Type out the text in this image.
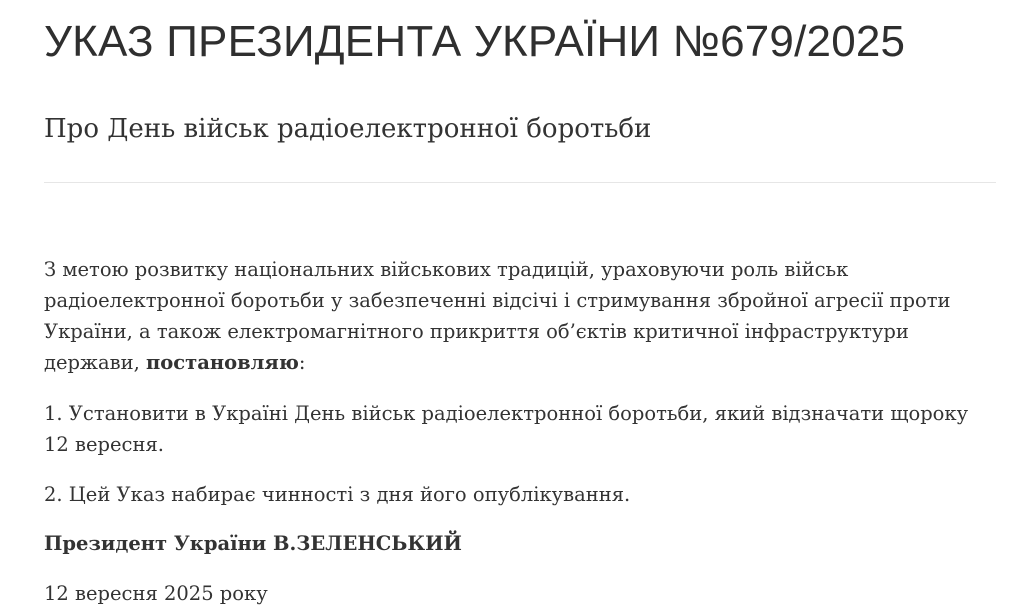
УКАЗ ПРЕЗИДЕНТА УКРАЇНИ №679/2025
Про День військ радіоелектронної боротьби

З метою розвитку національних військових традицій, ураховуючи роль військ
радіоелектронної боротьби у забезпеченні відсічі і стримування збройної агресії проти
України, а також електромагнітного прикриття об’єктів критичної інфраструктури
держави, постановляю:

1. Установити в Україні День військ радіоелектронної боротьби, який відзначати щороку
12 вересня.

2. Цей Указ набирає чинності з дня його опублікування.

Президент України В.ЗЕЛЕНСЬКИЙ

12 вересня 2025 року
